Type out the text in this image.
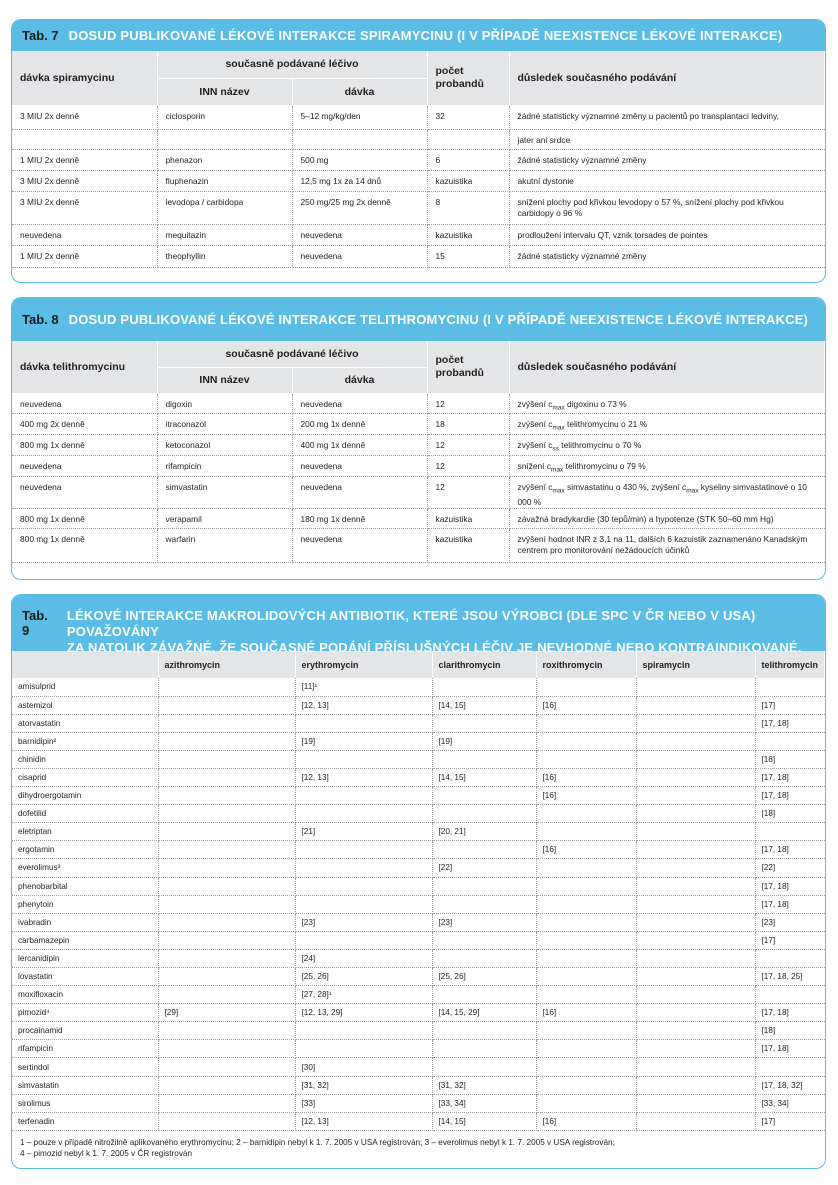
Tab. 7 DOSUD PUBLIKOVANÉ LÉKOVÉ INTERAKCE SPIRAMYCINU (I V PŘÍPADĚ NEEXISTENCE LÉKOVÉ INTERAKCE)
dávka spiramycinu	současně podávané léčivo		počet probandů	důsledek současného podávání
	INN název	dávka		
3 MIU 2x denně	ciclosporin	5–12 mg/kg/den	32	žádné statisticky významné změny u pacientů po transplantaci ledviny,
				jater ani srdce
1 MIU 2x denně	phenazon	500 mg	6	žádné statisticky významné změny
3 MIU 2x denně	fluphenazin	12,5 mg 1x za 14 dnů	kazuistika	akutní dystonie
3 MIU 2x denně	levodopa / carbidopa	250 mg/25 mg 2x denně	8	snížení plochy pod křivkou levodopy o 57 %, snížení plochy pod křivkou carbidopy o 96 %
neuvedena	mequitazin	neuvedena	kazuistika	prodloužení intervalu QT, vznik torsades de pointes
1 MIU 2x denně	theophyllin	neuvedena	15	žádné statisticky významné změny
Tab. 8 DOSUD PUBLIKOVANÉ LÉKOVÉ INTERAKCE TELITHROMYCINU (I V PŘÍPADĚ NEEXISTENCE LÉKOVÉ INTERAKCE)
dávka telithromycinu	současně podávané léčivo		počet probandů	důsledek současného podávání
	INN název	dávka		
neuvedena	digoxin	neuvedena	12	zvýšení $c_{max}$ digoxinu o 73 %
400 mg 2x denně	itraconazol	200 mg 1x denně	18	zvýšení $c_{max}$ telithromycinu o 21 %
800 mg 1x denně	ketoconazol	400 mg 1x denně	12	zvýšení $c_{ss}$ telithromycinu o 70 %
neuvedena	rifampicin	neuvedena	12	snížení $c_{max}$ telithromycinu o 79 %
neuvedena	simvastatin	neuvedena	12	zvýšení $c_{max}$ simvastatinu o 430 %, zvýšení $c_{max}$ kyseliny simvastatinové o 10 000 %
800 mg 1x denně	verapamil	180 mg 1x denně	kazuistika	závažná bradykardie (30 tepů/min) a hypotenze (STK 50–60 mm Hg)
800 mg 1x denně	warfarin	neuvedena	kazuistika	zvýšení hodnot INR z 3,1 na 11, dalších 6 kazuistik zaznamenáno Kanadským centrem pro monitorování nežádoucích účinků
Tab. 9
LÉKOVÉ INTERAKCE MAKROLIDOVÝCH ANTIBIOTIK, KTERÉ JSOU VÝROBCI (DLE SPC V ČR NEBO V USA) POVAŽOVÁNY
ZA NATOLIK ZÁVAŽNÉ, ŽE SOUČASNÉ PODÁNÍ PŘÍSLUŠNÝCH LÉČIV JE NEVHODNÉ NEBO KONTRAINDIKOVANÉ.
	azithromycin	erythromycin	clarithromycin	roxithromycin	spiramycin	telithromycin
amisulprid		[11]¹				
astemizol		[12, 13]	[14, 15]	[16]		[17]
atorvastatin						[17, 18]
barnidipin²		[19]	[19]			
chinidin						[18]
cisaprid		[12, 13]	[14, 15]	[16]		[17, 18]
dihydroergotamin				[16]		[17, 18]
dofetilid						[18]
eletriptan		[21]	[20, 21]			
ergotamin				[16]		[17, 18]
everolimus³			[22]			[22]
phenobarbital						[17, 18]
phenytoin						[17, 18]
ivabradin		[23]	[23]			[23]
carbamazepin						[17]
lercanidipin		[24]				
lovastatin		[25, 26]	[25, 26]			[17, 18, 25]
moxifloxacin		[27, 28]¹				
pimozid⁴	[29]	[12, 13, 29]	[14, 15, 29]	[16]		[17, 18]
procainamid						[18]
rifampicin						[17, 18]
sertindol		[30]				
simvastatin		[31, 32]	[31, 32]			[17, 18, 32]
sirolimus		[33]	[33, 34]			[33, 34]
terfenadin		[12, 13]	[14, 15]	[16]		[17]
1 – pouze v případě nitrožilně aplikovaného erythromycinu; 2 – barnidipin nebyl k 1. 7. 2005 v USA registrován; 3 – everolimus nebyl k 1. 7. 2005 v USA registrován;
4 – pimozid nebyl k 1. 7. 2005 v ČR registrován
